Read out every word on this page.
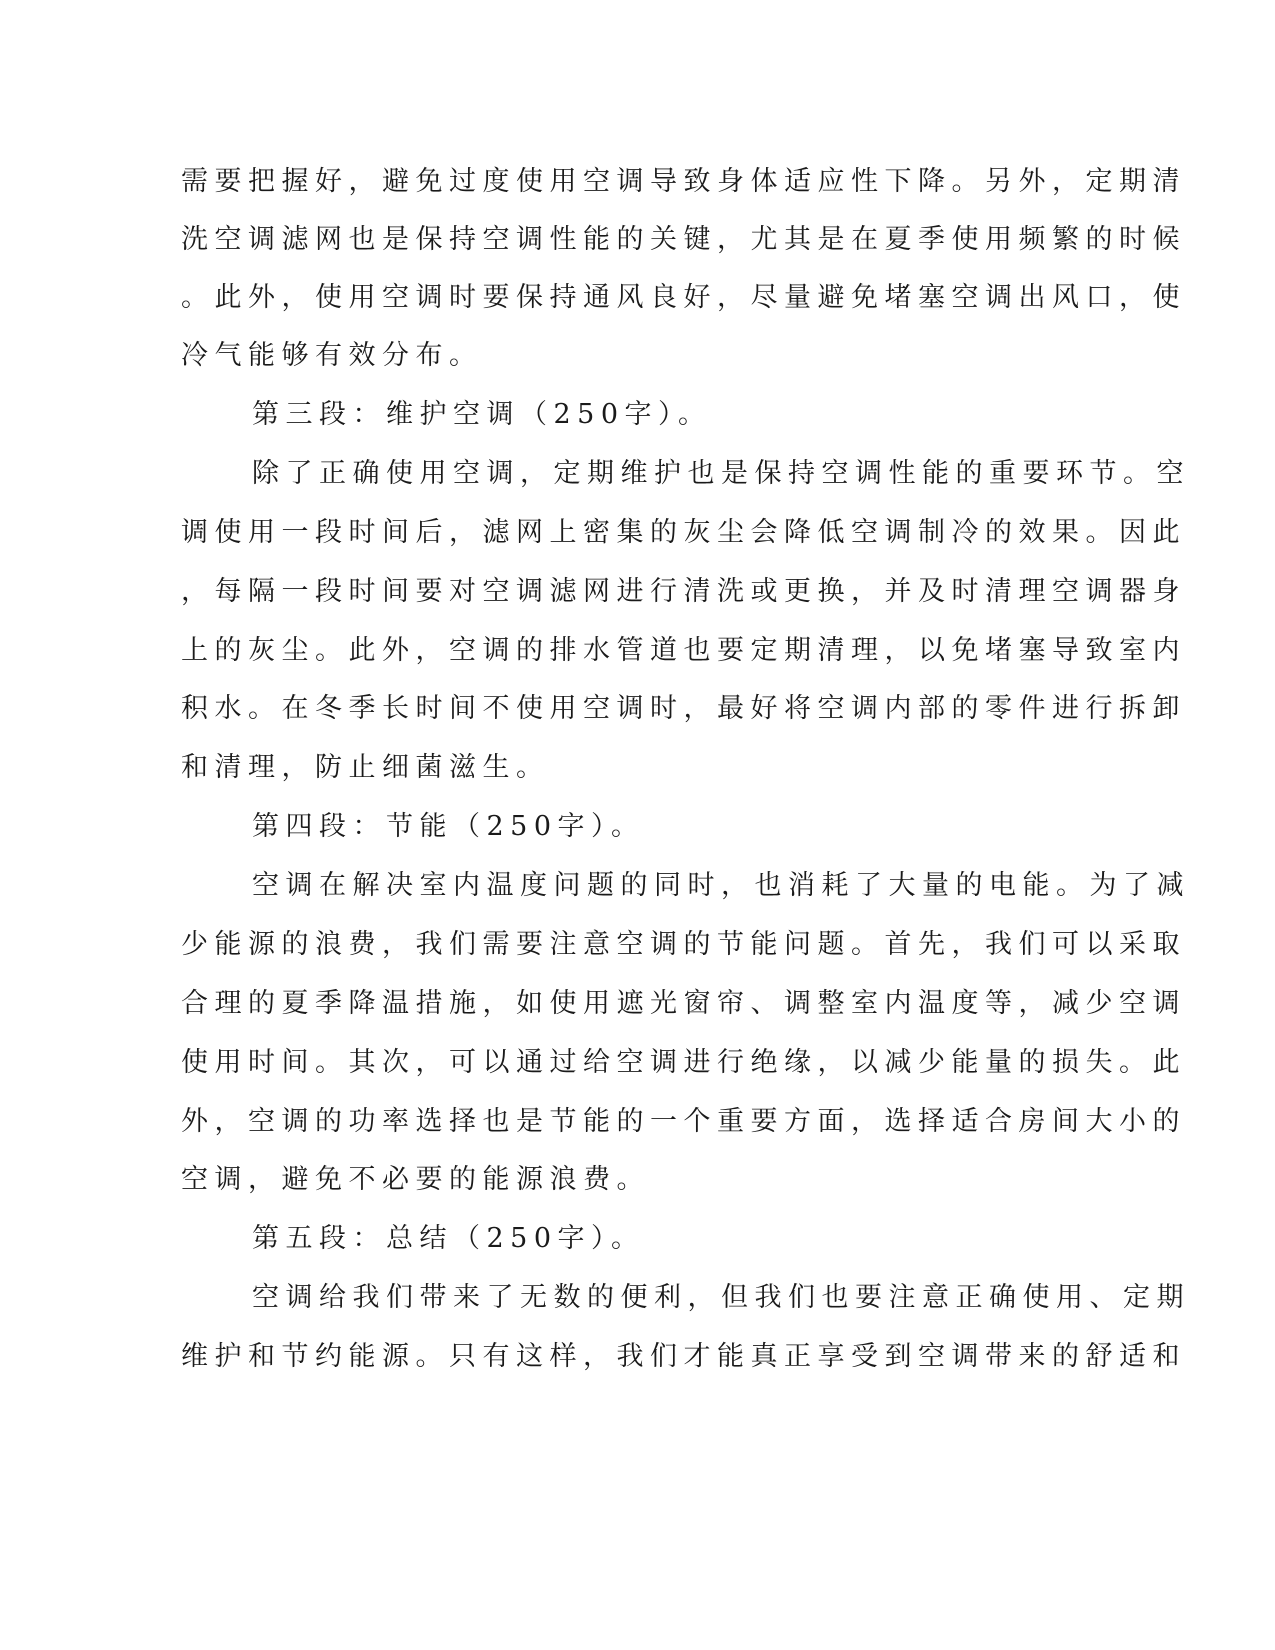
需要把握好，避免过度使用空调导致身体适应性下降。另外，定期清
洗空调滤网也是保持空调性能的关键，尤其是在夏季使用频繁的时候
。此外，使用空调时要保持通风良好，尽量避免堵塞空调出风口，使
冷气能够有效分布。
第三段：维护空调（250字）。
除了正确使用空调，定期维护也是保持空调性能的重要环节。空
调使用一段时间后，滤网上密集的灰尘会降低空调制冷的效果。因此
，每隔一段时间要对空调滤网进行清洗或更换，并及时清理空调器身
上的灰尘。此外，空调的排水管道也要定期清理，以免堵塞导致室内
积水。在冬季长时间不使用空调时，最好将空调内部的零件进行拆卸
和清理，防止细菌滋生。
第四段：节能（250字）。
空调在解决室内温度问题的同时，也消耗了大量的电能。为了减
少能源的浪费，我们需要注意空调的节能问题。首先，我们可以采取
合理的夏季降温措施，如使用遮光窗帘、调整室内温度等，减少空调
使用时间。其次，可以通过给空调进行绝缘，以减少能量的损失。此
外，空调的功率选择也是节能的一个重要方面，选择适合房间大小的
空调，避免不必要的能源浪费。
第五段：总结（250字）。
空调给我们带来了无数的便利，但我们也要注意正确使用、定期
维护和节约能源。只有这样，我们才能真正享受到空调带来的舒适和
